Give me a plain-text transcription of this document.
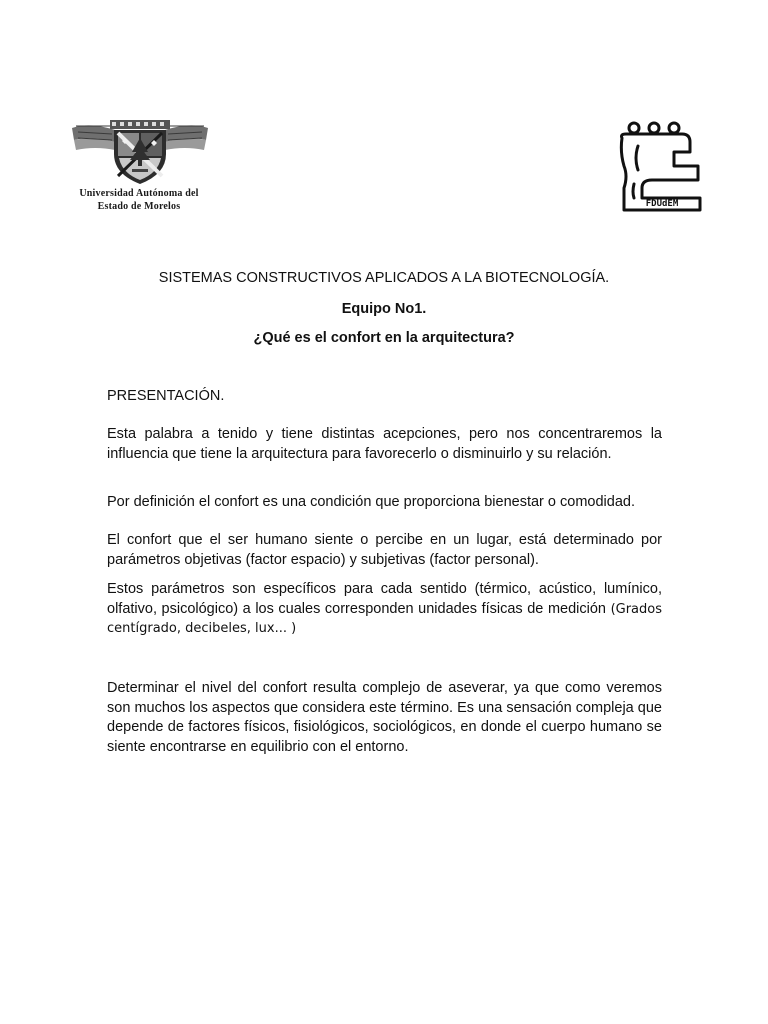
Universidad Autónoma del
Estado de Morelos	FDUdEM
SISTEMAS CONSTRUCTIVOS APLICADOS A LA BIOTECNOLOGÍA.
Equipo No1.
¿Qué es el confort en la arquitectura?
PRESENTACIÓN.
Esta palabra a tenido y tiene distintas acepciones, pero nos concentraremos la influencia que tiene la arquitectura para favorecerlo o disminuirlo y su relación.
Por definición el confort es una condición que proporciona bienestar o comodidad.
El confort que el ser humano siente o percibe en un lugar, está determinado por parámetros objetivas (factor espacio) y subjetivas (factor personal).
Estos parámetros son específicos para cada sentido (térmico, acústico, lumínico, olfativo, psicológico) a los cuales corresponden unidades físicas de medición (Grados centígrado, decibeles, lux... )
Determinar el nivel del confort resulta complejo de aseverar, ya que como veremos son muchos los aspectos que considera este término. Es una sensación compleja que depende de factores físicos, fisiológicos, sociológicos, en donde el cuerpo humano se siente encontrarse en equilibrio con el entorno.
